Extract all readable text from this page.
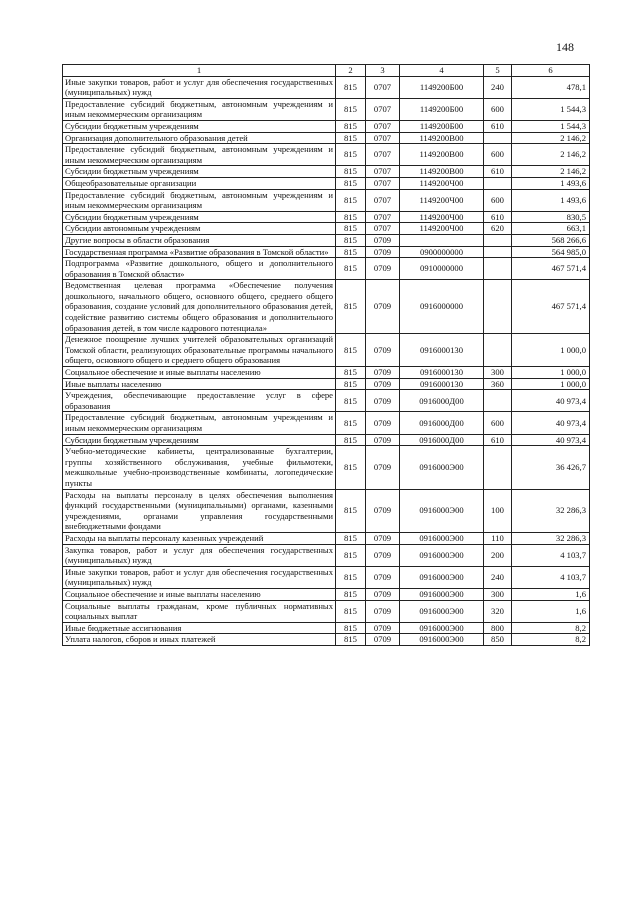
148
1	2	3	4	5	6
Иные закупки товаров, работ и услуг для обеспечения государственных (муниципальных) нужд	815	0707	1149200Б00	240	478,1
Предоставление субсидий бюджетным, автономным учреждениям и иным некоммерческим организациям	815	0707	1149200Б00	600	1 544,3
Субсидии бюджетным учреждениям	815	0707	1149200Б00	610	1 544,3
Организация дополнительного образования детей	815	0707	1149200В00		2 146,2
Предоставление субсидий бюджетным, автономным учреждениям и иным некоммерческим организациям	815	0707	1149200В00	600	2 146,2
Субсидии бюджетным учреждениям	815	0707	1149200В00	610	2 146,2
Общеобразовательные организации	815	0707	1149200Ч00		1 493,6
Предоставление субсидий бюджетным, автономным учреждениям и иным некоммерческим организациям	815	0707	1149200Ч00	600	1 493,6
Субсидии бюджетным учреждениям	815	0707	1149200Ч00	610	830,5
Субсидии автономным учреждениям	815	0707	1149200Ч00	620	663,1
Другие вопросы в области образования	815	0709			568 266,6
Государственная программа «Развитие образования в Томской области»	815	0709	0900000000		564 985,0
Подпрограмма «Развитие дошкольного, общего и дополнительного образования в Томской области»	815	0709	0910000000		467 571,4
Ведомственная целевая программа «Обеспечение получения дошкольного, начального общего, основного общего, среднего общего образования, создание условий для дополнительного образования детей, содействие развитию системы общего образования и дополнительного образования детей, в том числе кадрового потенциала»	815	0709	0916000000		467 571,4
Денежное поощрение лучших учителей образовательных организаций Томской области, реализующих образовательные программы начального общего, основного общего и среднего общего образования	815	0709	0916000130		1 000,0
Социальное обеспечение и иные выплаты населению	815	0709	0916000130	300	1 000,0
Иные выплаты населению	815	0709	0916000130	360	1 000,0
Учреждения, обеспечивающие предоставление услуг в сфере образования	815	0709	0916000Д00		40 973,4
Предоставление субсидий бюджетным, автономным учреждениям и иным некоммерческим организациям	815	0709	0916000Д00	600	40 973,4
Субсидии бюджетным учреждениям	815	0709	0916000Д00	610	40 973,4
Учебно-методические кабинеты, централизованные бухгалтерии, группы хозяйственного обслуживания, учебные фильмотеки, межшкольные учебно-производственные комбинаты, логопедические пункты	815	0709	0916000Э00		36 426,7
Расходы на выплаты персоналу в целях обеспечения выполнения функций государственными (муниципальными) органами, казенными учреждениями, органами управления государственными внебюджетными фондами	815	0709	0916000Э00	100	32 286,3
Расходы на выплаты персоналу казенных учреждений	815	0709	0916000Э00	110	32 286,3
Закупка товаров, работ и услуг для обеспечения государственных (муниципальных) нужд	815	0709	0916000Э00	200	4 103,7
Иные закупки товаров, работ и услуг для обеспечения государственных (муниципальных) нужд	815	0709	0916000Э00	240	4 103,7
Социальное обеспечение и иные выплаты населению	815	0709	0916000Э00	300	1,6
Социальные выплаты гражданам, кроме публичных нормативных социальных выплат	815	0709	0916000Э00	320	1,6
Иные бюджетные ассигнования	815	0709	0916000Э00	800	8,2
Уплата налогов, сборов и иных платежей	815	0709	0916000Э00	850	8,2
